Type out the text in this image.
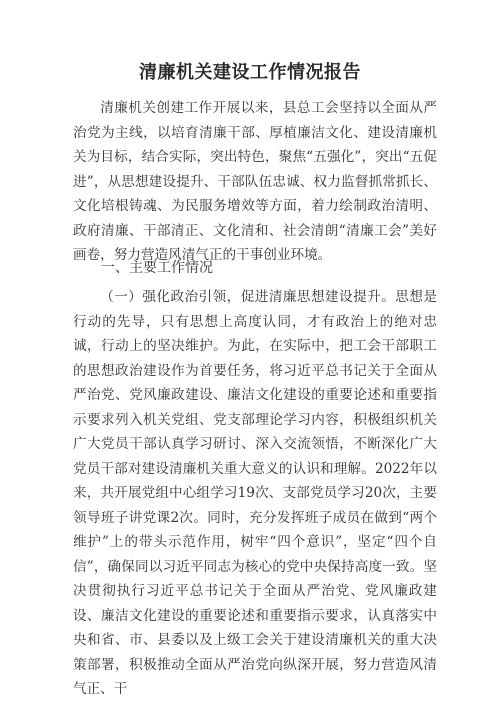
清廉机关建设工作情况报告

清廉机关创建工作开展以来，县总工会坚持以全面从严治党为主线，以培育清廉干部、厚植廉洁文化、建设清廉机关为目标，结合实际，突出特色，聚焦“五强化”，突出“五促进”，从思想建设提升、干部队伍忠诚、权力监督抓常抓长、文化培根铸魂、为民服务增效等方面，着力绘制政治清明、政府清廉、干部清正、文化清和、社会清朗“清廉工会”美好画卷，努力营造风清气正的干事创业环境。

一、主要工作情况

（一）强化政治引领，促进清廉思想建设提升。思想是行动的先导，只有思想上高度认同，才有政治上的绝对忠诚，行动上的坚决维护。为此，在实际中，把工会干部职工的思想政治建设作为首要任务，将习近平总书记关于全面从严治党、党风廉政建设、廉洁文化建设的重要论述和重要指示要求列入机关党组、党支部理论学习内容，积极组织机关广大党员干部认真学习研讨、深入交流领悟，不断深化广大党员干部对建设清廉机关重大意义的认识和理解。2022年以来，共开展党组中心组学习19次、支部党员学习20次，主要领导班子讲党课2次。同时，充分发挥班子成员在做到“两个维护”上的带头示范作用，树牢“四个意识”，坚定“四个自信”，确保同以习近平同志为核心的党中央保持高度一致。坚决贯彻执行习近平总书记关于全面从严治党、党风廉政建设、廉洁文化建设的重要论述和重要指示要求，认真落实中央和省、市、县委以及上级工会关于建设清廉机关的重大决策部署，积极推动全面从严治党向纵深开展，努力营造风清气正、干
